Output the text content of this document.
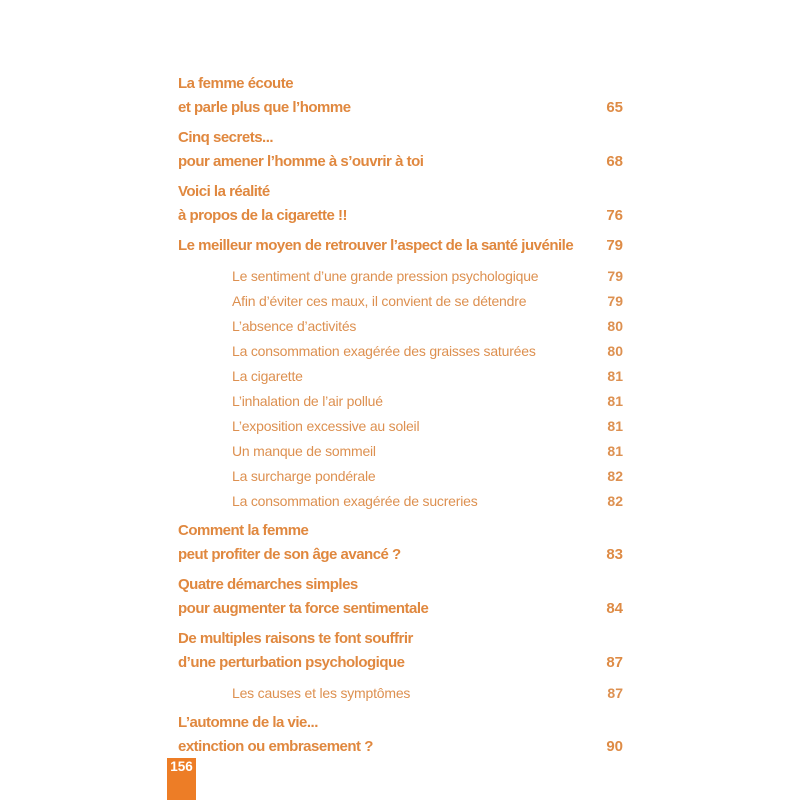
La femme écoute
et parle plus que l’homme	65
Cinq secrets...
pour amener l’homme à s’ouvrir à toi	68
Voici la réalité
à propos de la cigarette !!	76
Le meilleur moyen de retrouver l’aspect de la santé juvénile	79
Le sentiment d’une grande pression psychologique	79
Afin d’éviter ces maux, il convient de se détendre	79
L’absence d’activités	80
La consommation exagérée des graisses saturées	80
La cigarette	81
L’inhalation de l’air pollué	81
L’exposition excessive au soleil	81
Un manque de sommeil	81
La surcharge pondérale	82
La consommation exagérée de sucreries	82
Comment la femme
peut profiter de son âge avancé ?	83
Quatre démarches simples
pour augmenter ta force sentimentale	84
De multiples raisons te font souffrir
d’une perturbation psychologique	87
Les causes et les symptômes	87
L’automne de la vie...
extinction ou embrasement ?	90
156
